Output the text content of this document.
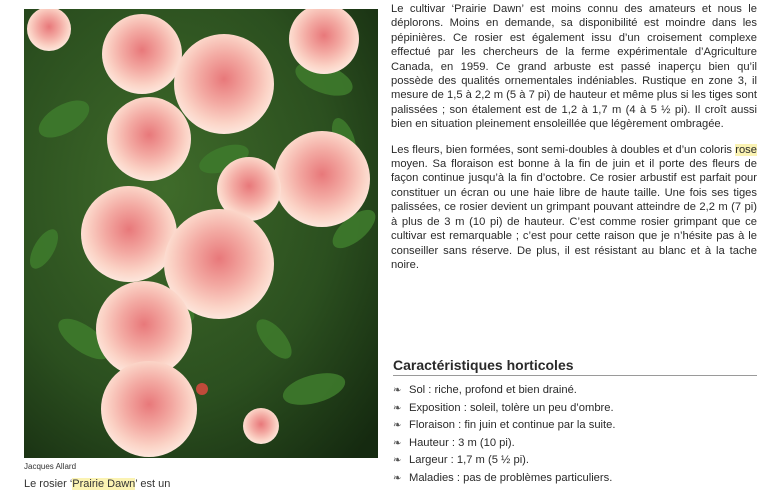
Jacques Allard
Le rosier ‘Prairie Dawn’ est un

Le cultivar ‘Prairie Dawn’ est moins connu des amateurs et nous le déplorons. Moins en demande, sa disponibilité est moindre dans les pépinières. Ce rosier est également issu d’un croisement complexe effectué par les chercheurs de la ferme expérimentale d’Agriculture Canada, en 1959. Ce grand arbuste est passé inaperçu bien qu’il possède des qualités ornementales indéniables. Rustique en zone 3, il mesure de 1,5 à 2,2 m (5 à 7 pi) de hauteur et même plus si les tiges sont palissées ; son étalement est de 1,2 à 1,7 m (4 à 5 ½ pi). Il croît aussi bien en situation pleinement ensoleillée que légèrement ombragée.

Les fleurs, bien formées, sont semi-doubles à doubles et d’un coloris rose moyen. Sa floraison est bonne à la fin de juin et il porte des fleurs de façon continue jusqu’à la fin d’octobre. Ce rosier arbustif est parfait pour constituer un écran ou une haie libre de haute taille. Une fois ses tiges palissées, ce rosier devient un grimpant pouvant atteindre de 2,2 m (7 pi) à plus de 3 m (10 pi) de hauteur. C’est comme rosier grimpant que ce cultivar est remarquable ; c’est pour cette raison que je n’hésite pas à le conseiller sans réserve. De plus, il est résistant au blanc et à la tache noire.

Caractéristiques horticoles
❧ Sol : riche, profond et bien drainé.
❧ Exposition : soleil, tolère un peu d’ombre.
❧ Floraison : fin juin et continue par la suite.
❧ Hauteur : 3 m (10 pi).
❧ Largeur : 1,7 m (5 ½ pi).
❧ Maladies : pas de problèmes particuliers.
